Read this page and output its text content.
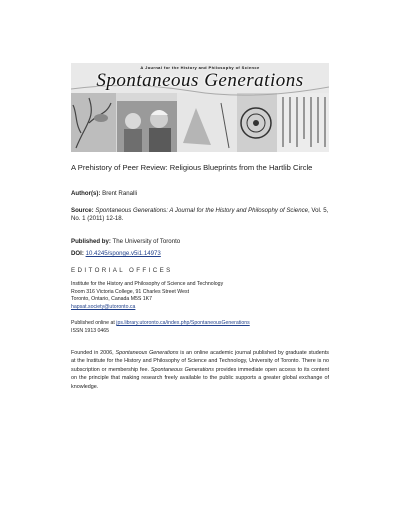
A Journal for the History and Philosophy of Science
Spontaneous Generations
A Prehistory of Peer Review: Religious Blueprints from the Hartlib Circle
Author(s): Brent Ranalli
Source: Spontaneous Generations: A Journal for the History and Philosophy of Science, Vol. 5, No. 1 (2011) 12-18.
Published by: The University of Toronto
DOI: 10.4245/sponge.v5i1.14973
EDITORIAL OFFICES
Institute for the History and Philosophy of Science and Technology
Room 316 Victoria College, 91 Charles Street West
Toronto, Ontario, Canada M5S 1K7
hapsat.society@utoronto.ca
Published online at jps.library.utoronto.ca/index.php/SpontaneousGenerations
ISSN 1913 0465
Founded in 2006, Spontaneous Generations is an online academic journal published by graduate students at the Institute for the History and Philosophy of Science and Technology, University of Toronto. There is no subscription or membership fee. Spontaneous Generations provides immediate open access to its content on the principle that making research freely available to the public supports a greater global exchange of knowledge.
